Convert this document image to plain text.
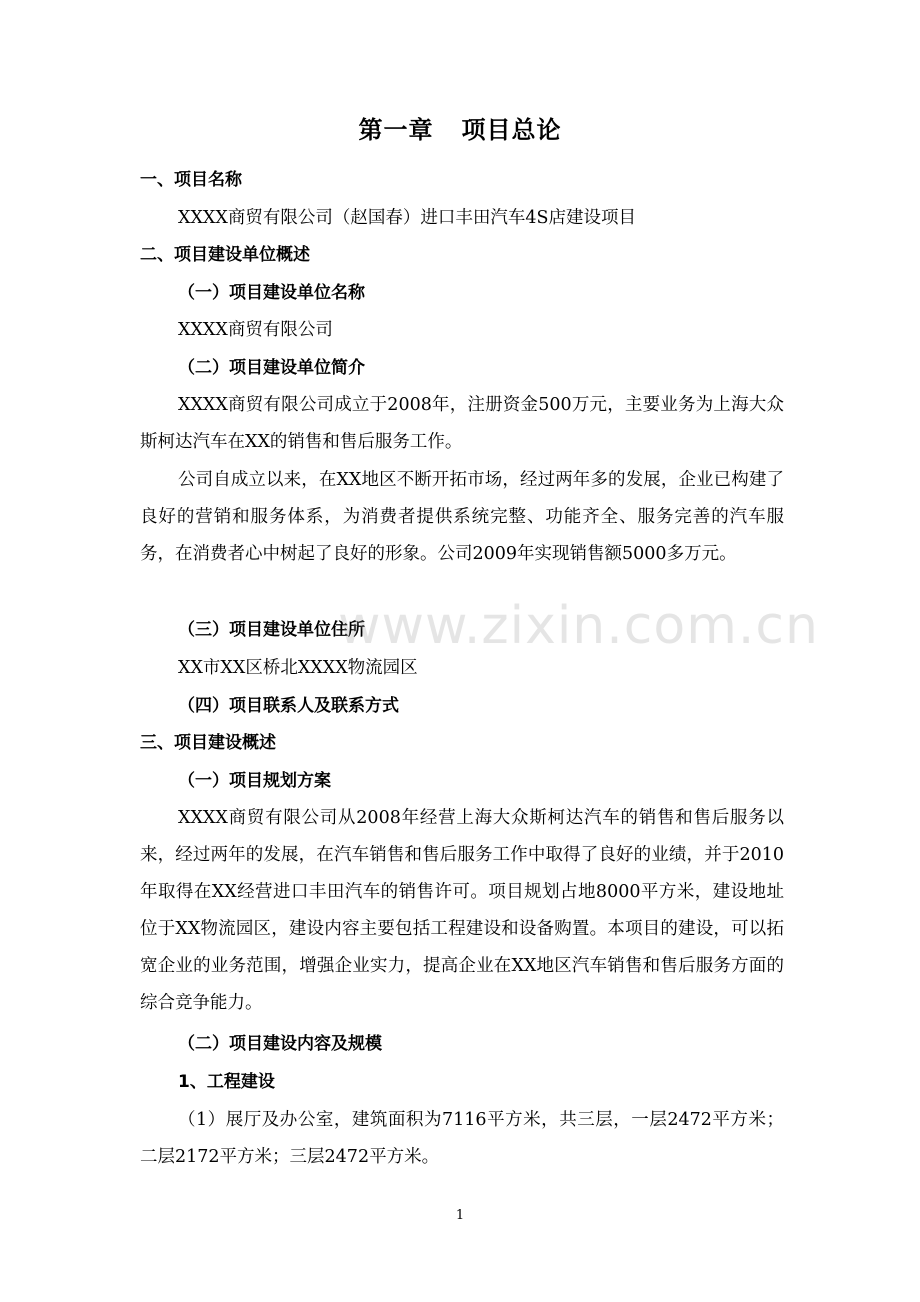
第一章 项目总论
一、项目名称
XXXX商贸有限公司（赵国春）进口丰田汽车4S店建设项目
二、项目建设单位概述
（一）项目建设单位名称
XXXX商贸有限公司
（二）项目建设单位简介

XXXX商贸有限公司成立于2008年，注册资金500万元，主要业务为上海大众斯柯达汽车在XX的销售和售后服务工作。

公司自成立以来，在XX地区不断开拓市场，经过两年多的发展，企业已构建了良好的营销和服务体系，为消费者提供系统完整、功能齐全、服务完善的汽车服务，在消费者心中树起了良好的形象。公司2009年实现销售额5000多万元。

（三）项目建设单位住所
XX市XX区桥北XXXX物流园区
（四）项目联系人及联系方式
三、项目建设概述
（一）项目规划方案

XXXX商贸有限公司从2008年经营上海大众斯柯达汽车的销售和售后服务以来，经过两年的发展，在汽车销售和售后服务工作中取得了良好的业绩，并于2010年取得在XX经营进口丰田汽车的销售许可。项目规划占地8000平方米，建设地址位于XX物流园区，建设内容主要包括工程建设和设备购置。本项目的建设，可以拓宽企业的业务范围，增强企业实力，提高企业在XX地区汽车销售和售后服务方面的综合竞争能力。

（二）项目建设内容及规模
1、工程建设

（1）展厅及办公室，建筑面积为7116平方米，共三层，一层2472平方米；二层2172平方米；三层2472平方米。

www.zixin.com.cn
1
